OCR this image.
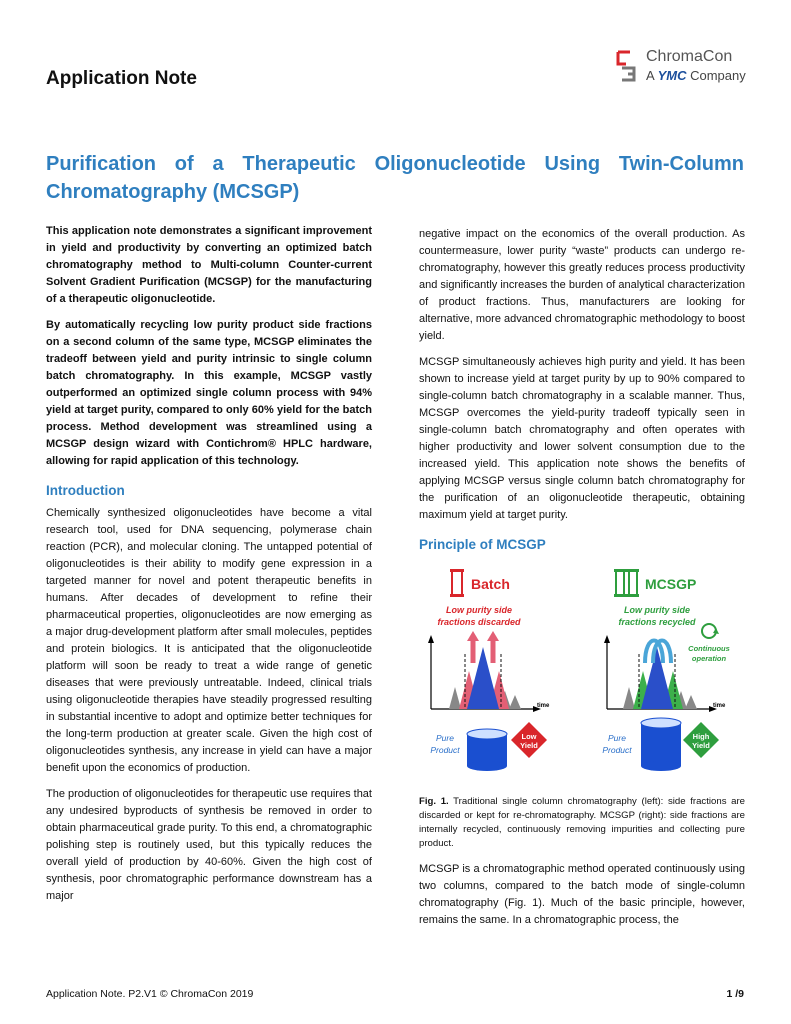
Application Note
ChromaCon
A YMC Company
Purification of a Therapeutic Oligonucleotide Using Twin-Column Chromatography (MCSGP)

This application note demonstrates a significant improvement in yield and productivity by converting an optimized batch chromatography method to Multi-column Counter-current Solvent Gradient Purification (MCSGP) for the manufacturing of a therapeutic oligonucleotide.

By automatically recycling low purity product side fractions on a second column of the same type, MCSGP eliminates the tradeoff between yield and purity intrinsic to single column batch chromatography. In this example, MCSGP vastly outperformed an optimized single column process with 94% yield at target purity, compared to only 60% yield for the batch process. Method development was streamlined using a MCSGP design wizard with Contichrom® HPLC hardware, allowing for rapid application of this technology.

Introduction

Chemically synthesized oligonucleotides have become a vital research tool, used for DNA sequencing, polymerase chain reaction (PCR), and molecular cloning. The untapped potential of oligonucleotides is their ability to modify gene expression in a targeted manner for novel and potent therapeutic benefits in humans. After decades of development to refine their pharmaceutical properties, oligonucleotides are now emerging as a major drug-development platform after small molecules, peptides and protein biologics. It is anticipated that the oligonucleotide platform will soon be ready to treat a wide range of genetic diseases that were previously untreatable. Indeed, clinical trials using oligonucleotide therapies have steadily progressed resulting in substantial incentive to adopt and optimize better techniques for the long-term production at greater scale. Given the high cost of oligonucleotides synthesis, any increase in yield can have a major benefit upon the economics of production.

The production of oligonucleotides for therapeutic use requires that any undesired byproducts of synthesis be removed in order to obtain pharmaceutical grade purity. To this end, a chromatographic polishing step is routinely used, but this typically reduces the overall yield of production by 40-60%. Given the high cost of synthesis, poor chromatographic performance downstream has a major

negative impact on the economics of the overall production. As countermeasure, lower purity “waste” products can undergo re-chromatography, however this greatly reduces process productivity and significantly increases the burden of analytical characterization of product fractions. Thus, manufacturers are looking for alternative, more advanced chromatographic methodology to boost yield.

MCSGP simultaneously achieves high purity and yield. It has been shown to increase yield at target purity by up to 90% compared to single-column batch chromatography in a scalable manner. Thus, MCSGP overcomes the yield-purity tradeoff typically seen in single-column batch chromatography and often operates with higher productivity and lower solvent consumption due to the increased yield. This application note shows the benefits of applying MCSGP versus single column batch chromatography for the purification of an oligonucleotide therapeutic, obtaining maximum yield at target purity.

Principle of MCSGP
Batch
Low purity side
fractions discarded
time
Pure
Product
Low
Yield
MCSGP
Low purity side
fractions recycled
time
Continuous
operation
Pure
Product
High
Yield
Fig. 1. Traditional single column chromatography (left): side fractions are discarded or kept for re-chromatography. MCSGP (right): side fractions are internally recycled, continuously removing impurities and collecting pure product.

MCSGP is a chromatographic method operated continuously using two columns, compared to the batch mode of single-column chromatography (Fig. 1). Much of the basic principle, however, remains the same. In a chromatographic process, the

Application Note. P2.V1 © ChromaCon 2019	1 /9
